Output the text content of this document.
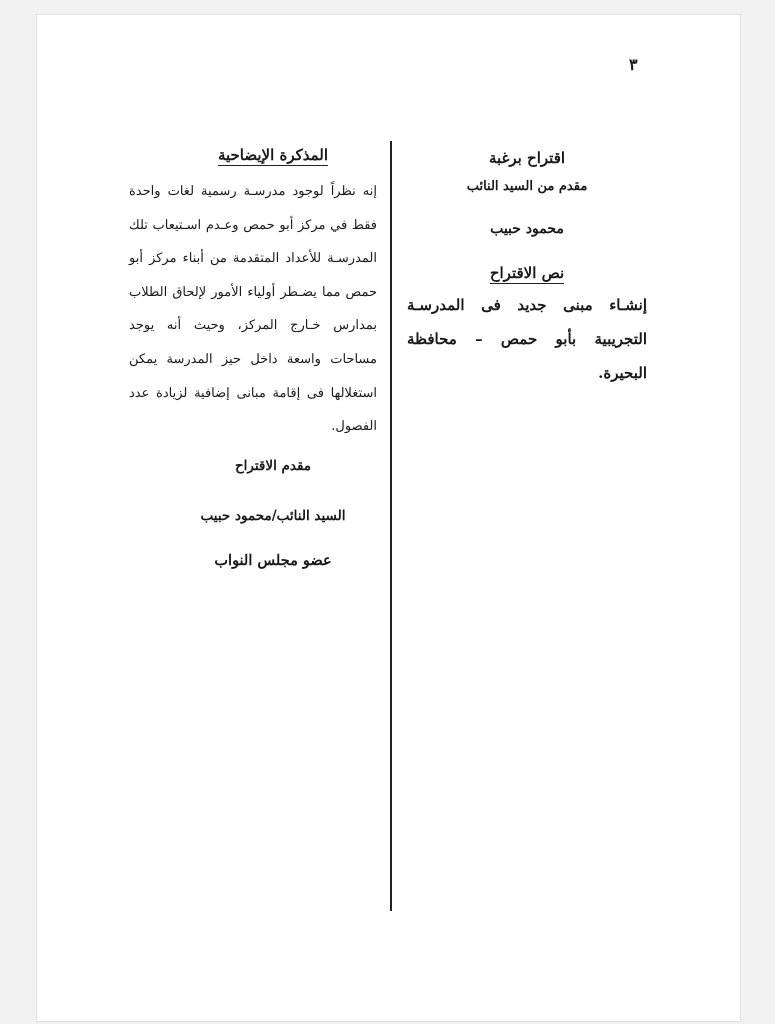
٣
اقتراح برغبة
مقدم من السيد النائب
محمود حبيب
نص الاقتراح
إنشـاء مبنى جديد فى المدرسـة التجريبية بأبو حمص – محافظة البحيرة.
المذكرة الإيضاحية

إنه نظراً لوجود مدرسـة رسمية لغات واحدة فقط في مركز أبو حمص وعـدم اسـتيعاب تلك المدرسـة للأعداد المتقدمة من أبناء مركز أبو حمص مما يضـطر أولياء الأمور لإلحاق الطلاب بمدارس خـارج المركز، وحيث أنه يوجد مساحات واسعة داخل حيز المدرسة يمكن استغلالها فى إقامة مبانى إضافية لزيادة عدد الفصول.

مقدم الاقتراح
السيد النائب/محمود حبيب
عضو مجلس النواب
